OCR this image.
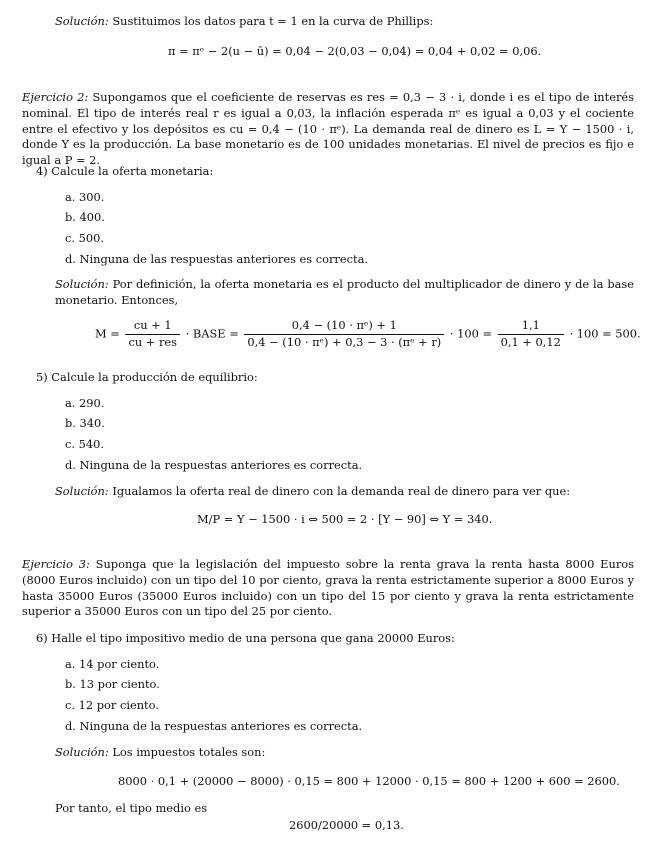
Solución: Sustituimos los datos para t = 1 en la curva de Phillips:
π = πᵉ − 2(u − ū) = 0,04 − 2(0,03 − 0,04) = 0,04 + 0,02 = 0,06.
Ejercicio 2: Supongamos que el coeficiente de reservas es res = 0,3 − 3 · i, donde i es el tipo de interés nominal. El tipo de interés real r es igual a 0,03, la inflación esperada πᵉ es igual a 0,03 y el cociente entre el efectivo y los depósitos es cu = 0,4 − (10 · πᵉ). La demanda real de dinero es L = Y − 1500 · i, donde Y es la producción. La base monetario es de 100 unidades monetarias. El nivel de precios es fijo e igual a P = 2.
4) Calcule la oferta monetaria:
a. 300.
b. 400.
c. 500.
d. Ninguna de las respuestas anteriores es correcta.
Solución: Por definición, la oferta monetaria es el producto del multiplicador de dinero y de la base monetario. Entonces,
$M = \frac{cu + 1}{\text{cu + res}}$ · BASE = $\frac{\text{0,4 − (10 · πᵉ) + 1}}{\text{0,4 − (10 · πᵉ) + 0,3 − 3 · (πᵉ + r)}} \cdot 100 = \frac{1,1}{0,1 + 0,12} \cdot 100 = 500$.
5) Calcule la producción de equilibrio:
a. 290.
b. 340.
c. 540.
d. Ninguna de la respuestas anteriores es correcta.
Solución: Igualamos la oferta real de dinero con la demanda real de dinero para ver que:
M/P = Y − 1500 · i ⇔ 500 = 2 · [Y − 90] ⇔ Y = 340.
Ejercicio 3: Suponga que la legislación del impuesto sobre la renta grava la renta hasta 8000 Euros (8000 Euros incluido) con un tipo del 10 por ciento, grava la renta estrictamente superior a 8000 Euros y hasta 35000 Euros (35000 Euros incluido) con un tipo del 15 por ciento y grava la renta estrictamente superior a 35000 Euros con un tipo del 25 por ciento.
6) Halle el tipo impositivo medio de una persona que gana 20000 Euros:
a. 14 por ciento.
b. 13 por ciento.
c. 12 por ciento.
d. Ninguna de la respuestas anteriores es correcta.
Solución: Los impuestos totales son:
8000 · 0,1 + (20000 − 8000) · 0,15 = 800 + 12000 · 0,15 = 800 + 1200 + 600 = 2600.
Por tanto, el tipo medio es
2600/20000 = 0,13.
